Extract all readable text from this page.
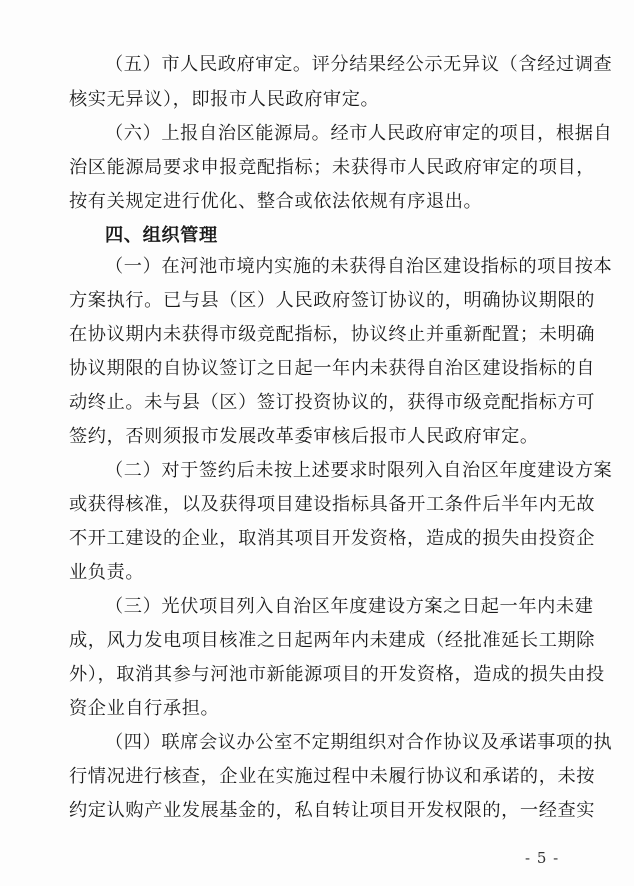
（五）市人民政府审定。评分结果经公示无异议（含经过调查
核实无异议），即报市人民政府审定。
（六）上报自治区能源局。经市人民政府审定的项目，根据自
治区能源局要求申报竞配指标；未获得市人民政府审定的项目，
按有关规定进行优化、整合或依法依规有序退出。
四、组织管理
（一）在河池市境内实施的未获得自治区建设指标的项目按本
方案执行。已与县（区）人民政府签订协议的，明确协议期限的
在协议期内未获得市级竞配指标，协议终止并重新配置；未明确
协议期限的自协议签订之日起一年内未获得自治区建设指标的自
动终止。未与县（区）签订投资协议的，获得市级竞配指标方可
签约，否则须报市发展改革委审核后报市人民政府审定。
（二）对于签约后未按上述要求时限列入自治区年度建设方案
或获得核准，以及获得项目建设指标具备开工条件后半年内无故
不开工建设的企业，取消其项目开发资格，造成的损失由投资企
业负责。
（三）光伏项目列入自治区年度建设方案之日起一年内未建
成，风力发电项目核准之日起两年内未建成（经批准延长工期除
外），取消其参与河池市新能源项目的开发资格，造成的损失由投
资企业自行承担。
（四）联席会议办公室不定期组织对合作协议及承诺事项的执
行情况进行核查，企业在实施过程中未履行协议和承诺的，未按
约定认购产业发展基金的，私自转让项目开发权限的，一经查实
- 5 -
